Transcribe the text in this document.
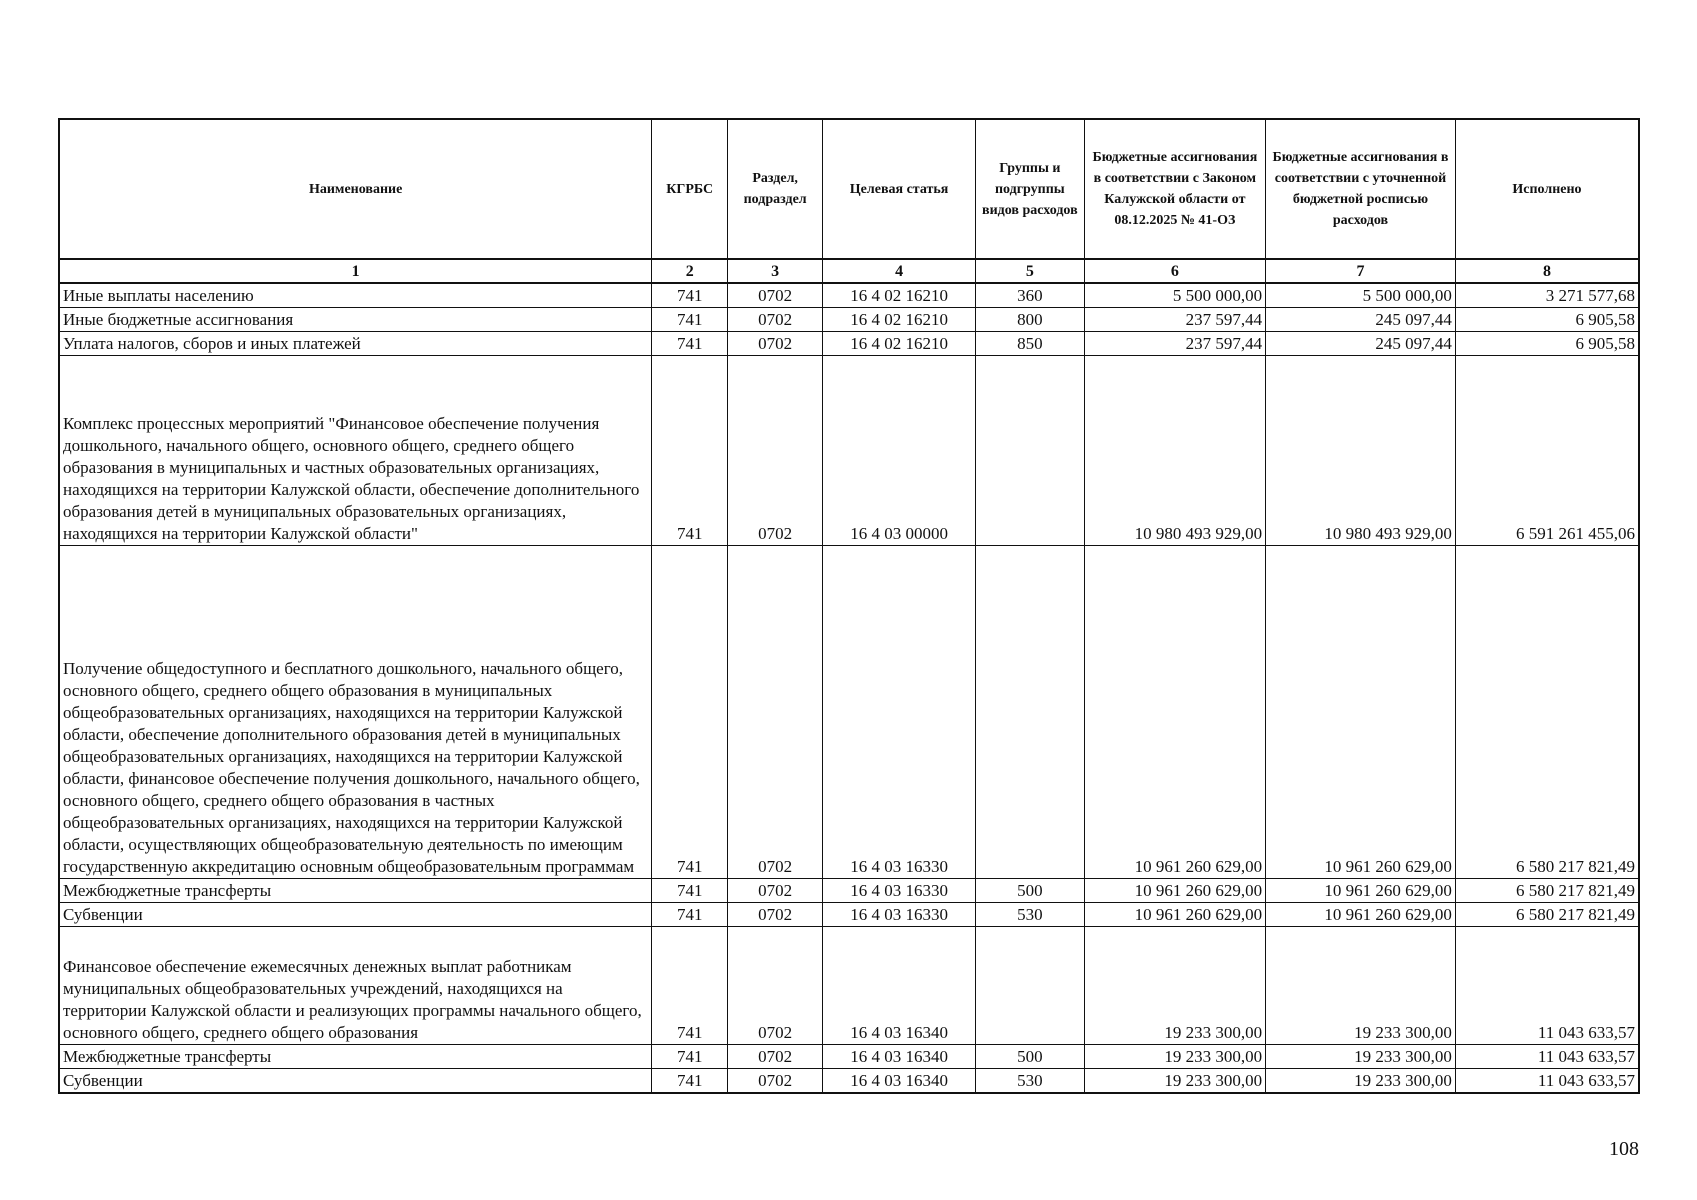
Наименование	КГРБС	Раздел, подраздел	Целевая статья	Группы и подгруппы видов расходов	Бюджетные ассигнования в соответствии с Законом Калужской области от 08.12.2025 № 41-ОЗ	Бюджетные ассигнования в соответствии с уточненной бюджетной росписью расходов	Исполнено
1	2	3	4	5	6	7	8
Иные выплаты населению	741	0702	16 4 02 16210	360	5 500 000,00	5 500 000,00	3 271 577,68
Иные бюджетные ассигнования	741	0702	16 4 02 16210	800	237 597,44	245 097,44	6 905,58
Уплата налогов, сборов и иных платежей	741	0702	16 4 02 16210	850	237 597,44	245 097,44	6 905,58
Комплекс процессных мероприятий "Финансовое обеспечение получения дошкольного, начального общего, основного общего, среднего общего образования в муниципальных и частных образовательных организациях, находящихся на территории Калужской области, обеспечение дополнительного образования детей в муниципальных образовательных организациях, находящихся на территории Калужской области"	741	0702	16 4 03 00000		10 980 493 929,00	10 980 493 929,00	6 591 261 455,06
Получение общедоступного и бесплатного дошкольного, начального общего, основного общего, среднего общего образования в муниципальных общеобразовательных организациях, находящихся на территории Калужской области, обеспечение дополнительного образования детей в муниципальных общеобразовательных организациях, находящихся на территории Калужской области, финансовое обеспечение получения дошкольного, начального общего, основного общего, среднего общего образования в частных общеобразовательных организациях, находящихся на территории Калужской области, осуществляющих общеобразовательную деятельность по имеющим государственную аккредитацию основным общеобразовательным программам	741	0702	16 4 03 16330		10 961 260 629,00	10 961 260 629,00	6 580 217 821,49
Межбюджетные трансферты	741	0702	16 4 03 16330	500	10 961 260 629,00	10 961 260 629,00	6 580 217 821,49
Субвенции	741	0702	16 4 03 16330	530	10 961 260 629,00	10 961 260 629,00	6 580 217 821,49
Финансовое обеспечение ежемесячных денежных выплат работникам муниципальных общеобразовательных учреждений, находящихся на территории Калужской области и реализующих программы начального общего, основного общего, среднего общего образования	741	0702	16 4 03 16340		19 233 300,00	19 233 300,00	11 043 633,57
Межбюджетные трансферты	741	0702	16 4 03 16340	500	19 233 300,00	19 233 300,00	11 043 633,57
Субвенции	741	0702	16 4 03 16340	530	19 233 300,00	19 233 300,00	11 043 633,57
108
